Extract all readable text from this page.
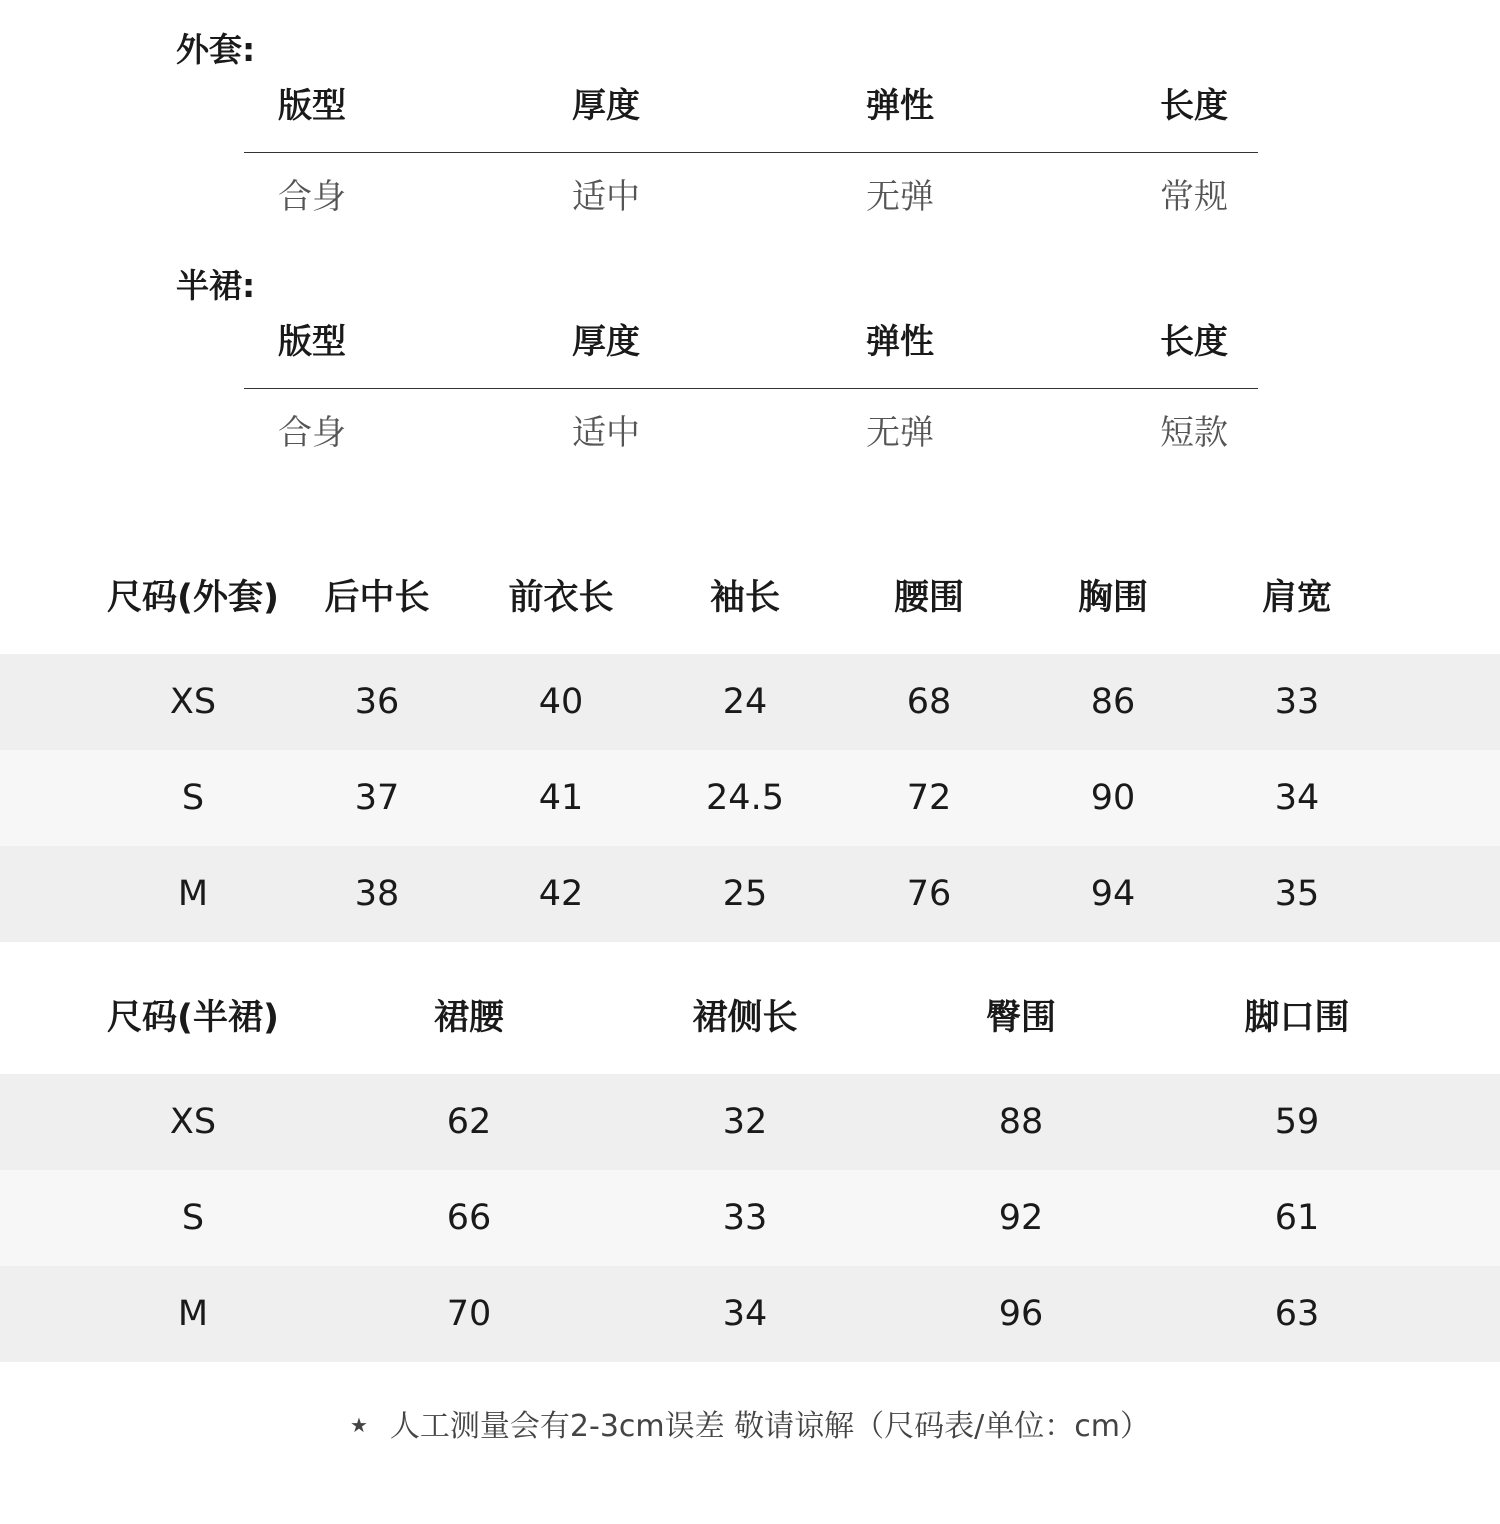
外套:
版型	厚度	弹性	长度
合身	适中	无弹	常规
半裙:
版型	厚度	弹性	长度
合身	适中	无弹	短款
尺码(外套)	后中长	前衣长	袖长	腰围	胸围	肩宽
XS	36	40	24	68	86	33
S	37	41	24.5	72	90	34
M	38	42	25	76	94	35
尺码(半裙)	裙腰	裙侧长	臀围	脚口围
XS	62	32	88	59
S	66	33	92	61
M	70	34	96	63
★ 人工测量会有2-3cm误差 敬请谅解（尺码表/单位：cm）
